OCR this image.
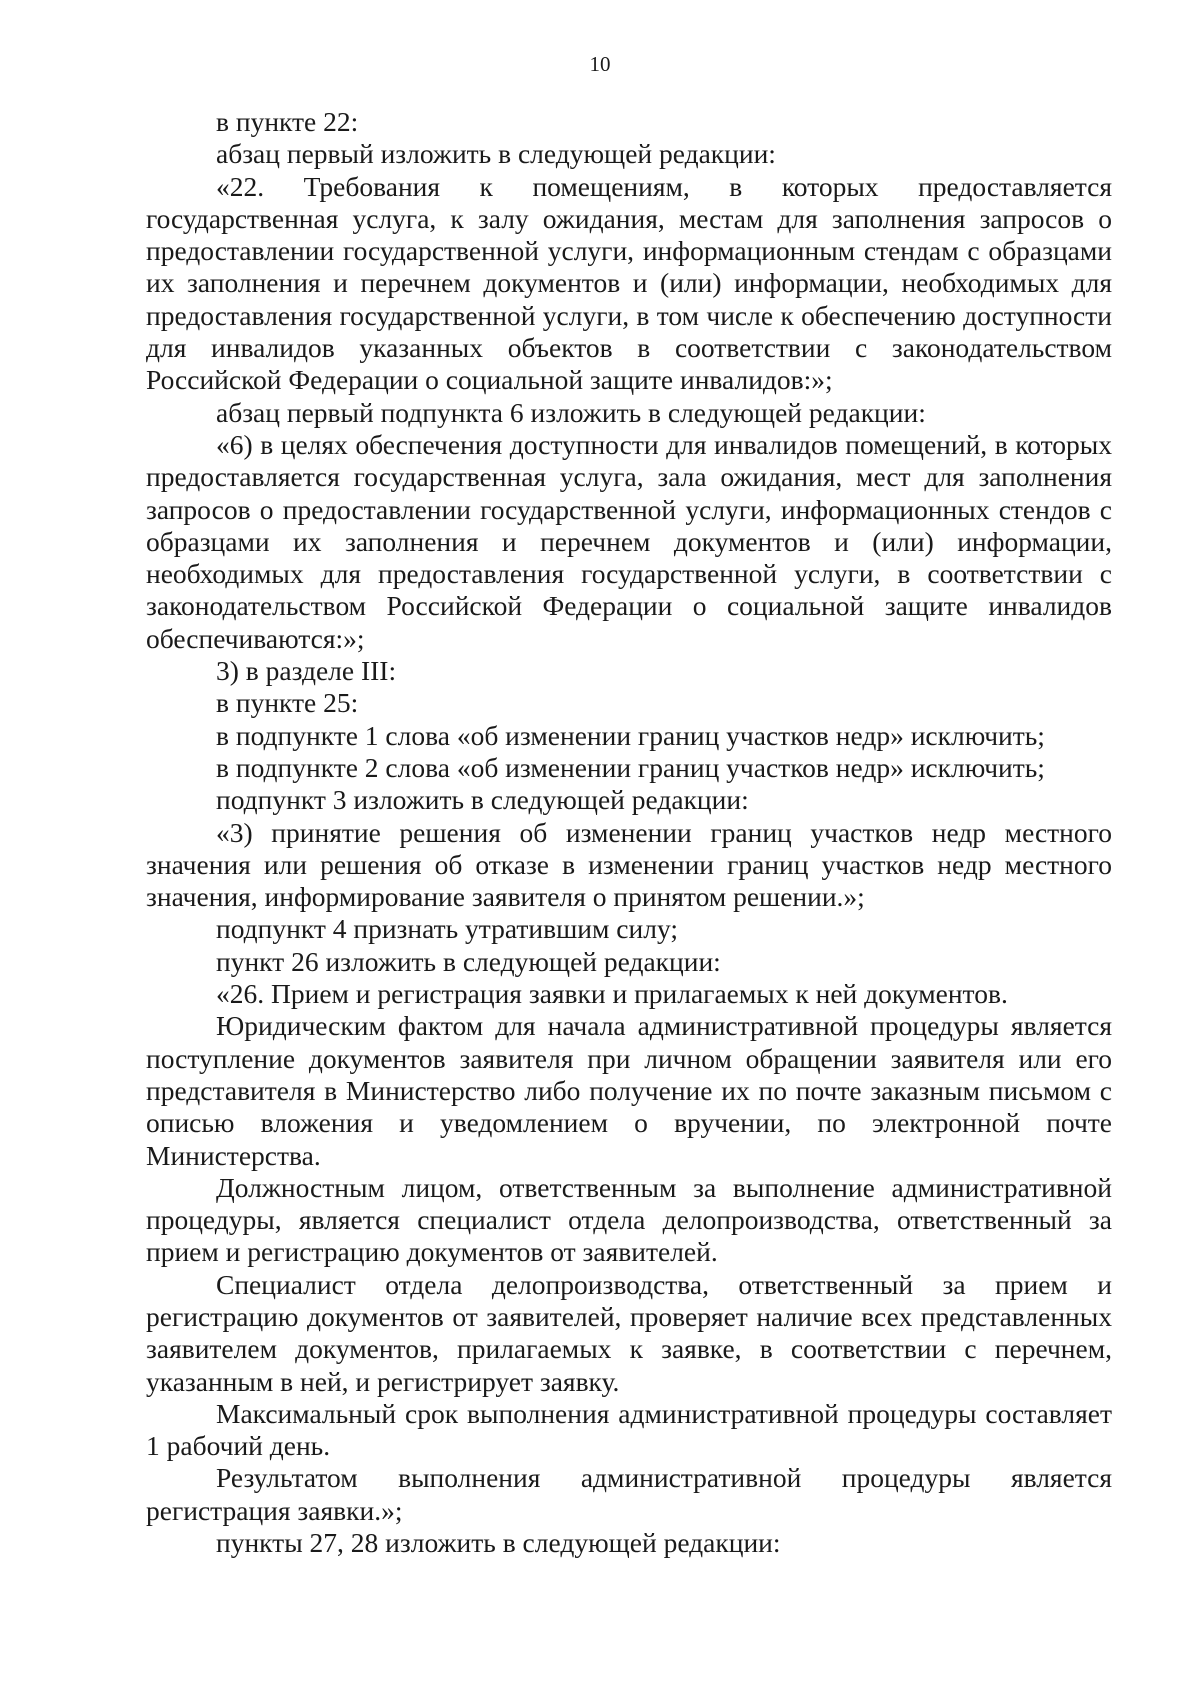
10

в пункте 22:

абзац первый изложить в следующей редакции:

«22. Требования к помещениям, в которых предоставляется государственная услуга, к залу ожидания, местам для заполнения запросов о предоставлении государственной услуги, информационным стендам с образцами их заполнения и перечнем документов и (или) информации, необходимых для предоставления государственной услуги, в том числе к обеспечению доступности для инвалидов указанных объектов в соответствии с законодательством Российской Федерации о социальной защите инвалидов:»;

абзац первый подпункта 6 изложить в следующей редакции:

«6) в целях обеспечения доступности для инвалидов помещений, в которых предоставляется государственная услуга, зала ожидания, мест для заполнения запросов о предоставлении государственной услуги, информационных стендов с образцами их заполнения и перечнем документов и (или) информации, необходимых для предоставления государственной услуги, в соответствии с законодательством Российской Федерации о социальной защите инвалидов обеспечиваются:»;

3) в разделе III:

в пункте 25:

в подпункте 1 слова «об изменении границ участков недр» исключить;

в подпункте 2 слова «об изменении границ участков недр» исключить;

подпункт 3 изложить в следующей редакции:

«3) принятие решения об изменении границ участков недр местного значения или решения об отказе в изменении границ участков недр местного значения, информирование заявителя о принятом решении.»;

подпункт 4 признать утратившим силу;

пункт 26 изложить в следующей редакции:

«26. Прием и регистрация заявки и прилагаемых к ней документов.

Юридическим фактом для начала административной процедуры является поступление документов заявителя при личном обращении заявителя или его представителя в Министерство либо получение их по почте заказным письмом с описью вложения и уведомлением о вручении, по электронной почте Министерства.

Должностным лицом, ответственным за выполнение административной процедуры, является специалист отдела делопроизводства, ответственный за прием и регистрацию документов от заявителей.

Специалист отдела делопроизводства, ответственный за прием и регистрацию документов от заявителей, проверяет наличие всех представленных заявителем документов, прилагаемых к заявке, в соответствии с перечнем, указанным в ней, и регистрирует заявку.

Максимальный срок выполнения административной процедуры составляет 1 рабочий день.

Результатом выполнения административной процедуры является регистрация заявки.»;

пункты 27, 28 изложить в следующей редакции:
